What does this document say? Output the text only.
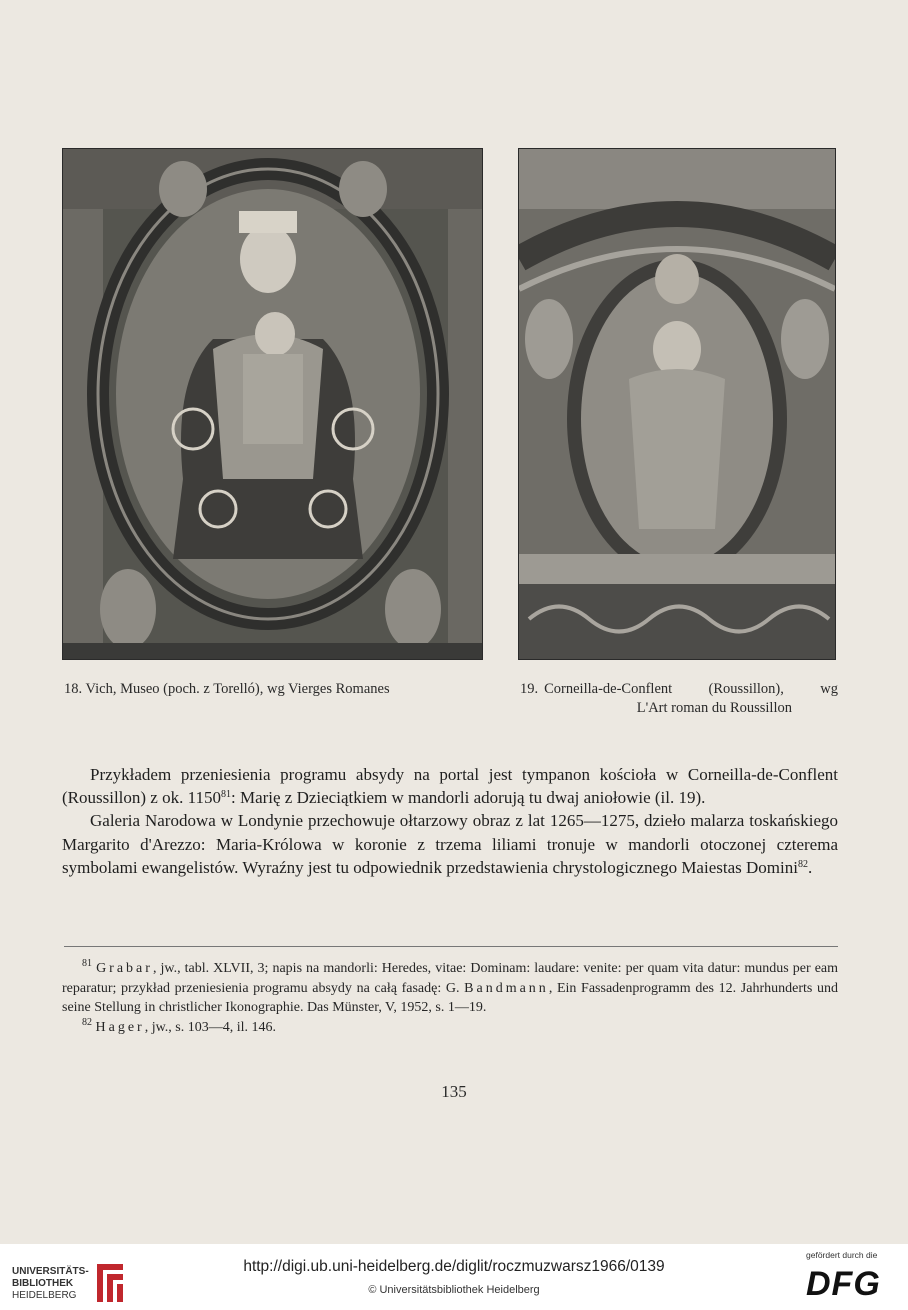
18. Vich, Museo (poch. z Torelló), wg Vierges Romanes	19. Corneilla-de-Conflent (Roussillon), wg
L'Art roman du Roussillon

Przykładem przeniesienia programu absydy na portal jest tympanon kościoła w Corneilla-de-Conflent (Roussillon) z ok. 1150$^{81}$: Marię z Dzieciątkiem w mandorli adorują tu dwaj aniołowie (il. 19).

Galeria Narodowa w Londynie przechowuje ołtarzowy obraz z lat 1265—1275, dzieło malarza toskańskiego Margarito d'Arezzo: Maria-Królowa w koronie z trzema liliami tronuje w mandorli otoczonej czterema symbolami ewangelistów. Wyraźny jest tu odpowiednik przedstawienia chrystologicznego Maiestas Domini$^{82}$.

$^{81}$ Grabar, jw., tabl. XLVII, 3; napis na mandorli: Heredes, vitae: Dominam: laudare: venite: per quam vita datur: mundus per eam reparatur; przykład przeniesienia programu absydy na całą fasadę: G. Bandmann, Ein Fassadenprogramm des 12. Jahrhunderts und seine Stellung in christlicher Ikonographie. Das Münster, V, 1952, s. 1—19.

$^{82}$ Hager, jw., s. 103—4, il. 146.

135
UNIVERSITÄTS-
BIBLIOTHEK
HEIDELBERG
http://digi.ub.uni-heidelberg.de/diglit/roczmuzwarsz1966/0139
© Universitätsbibliothek Heidelberg
gefördert durch die
DFG
